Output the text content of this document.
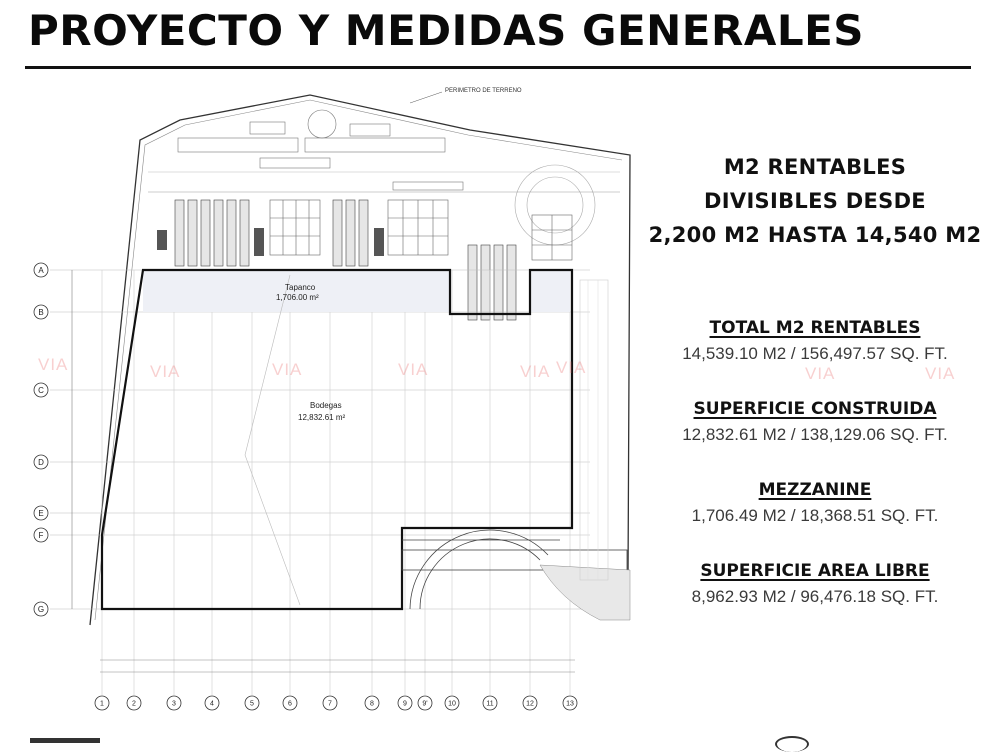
PROYECTO Y MEDIDAS GENERALES
PERIMETRO DE TERRENO
Tapanco
1,706.00 m²
Bodegas
12,832.61 m²
A
B
C
D
E
F
G
1	2	3	4	5	6	7	8	9 9'	10	11	12	13
VIA	VIA	VIA	VIA	VIA VIA	VIA	VIA
M2 RENTABLES
DIVISIBLES DESDE
2,200 M2 HASTA 14,540 M2
TOTAL M2 RENTABLES
14,539.10 M2 / 156,497.57 SQ. FT.
SUPERFICIE CONSTRUIDA
12,832.61 M2 / 138,129.06 SQ. FT.
MEZZANINE
1,706.49 M2 / 18,368.51 SQ. FT.
SUPERFICIE AREA LIBRE
8,962.93 M2 / 96,476.18 SQ. FT.
